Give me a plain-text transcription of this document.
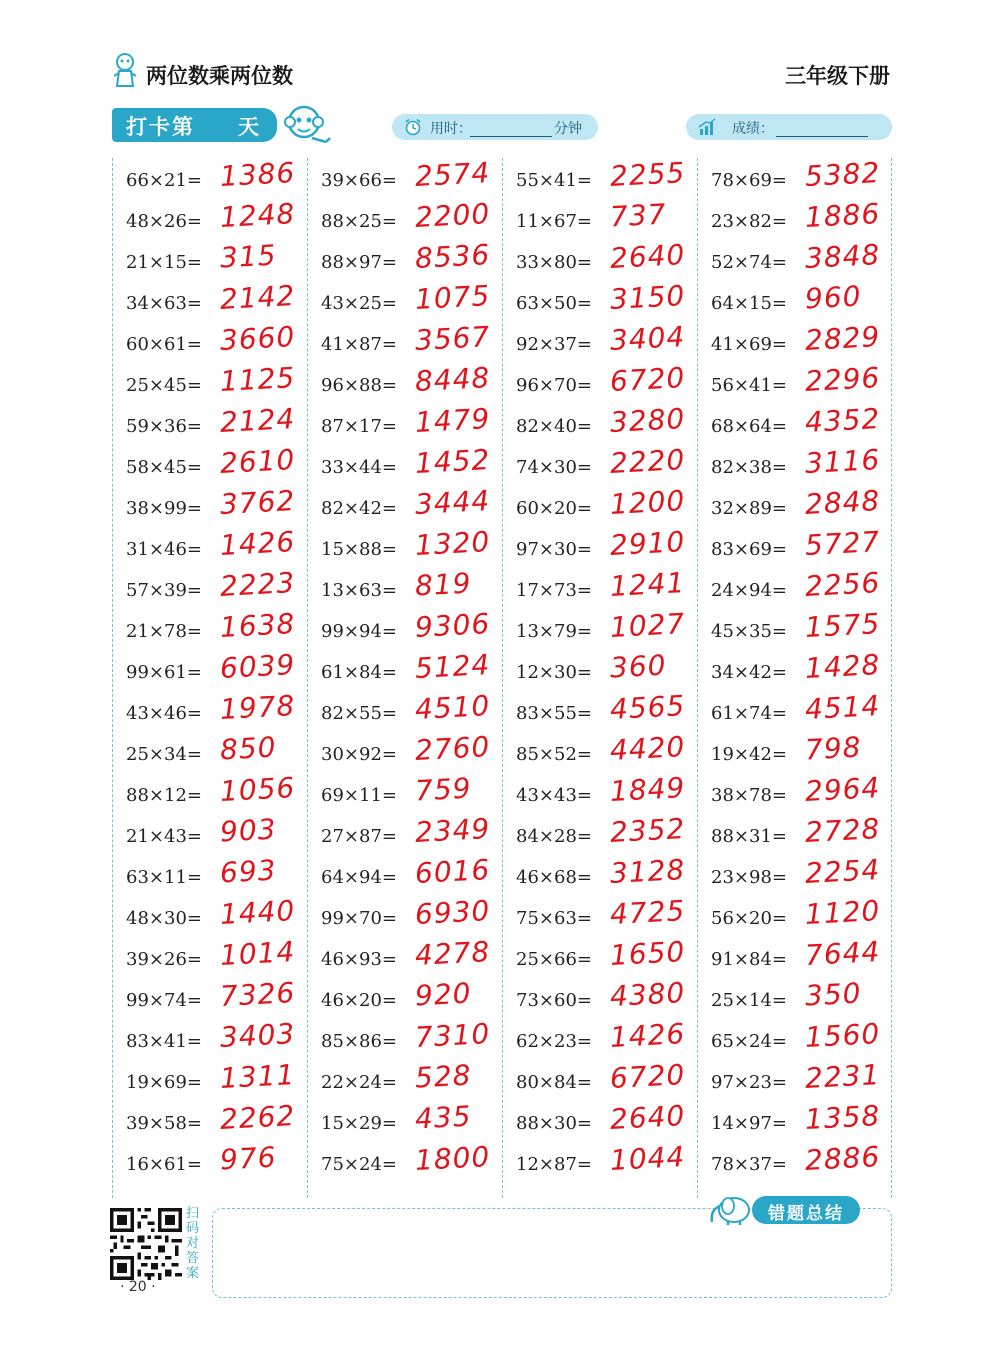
两位数乘两位数	三年级下册
打卡第 天	用时：	分钟	成绩：
66×21= 1386
48×26= 1248
21×15= 315
34×63= 2142
60×61= 3660
25×45= 1125
59×36= 2124
58×45= 2610
38×99= 3762
31×46= 1426
57×39= 2223
21×78= 1638
99×61= 6039
43×46= 1978
25×34= 850
88×12= 1056
21×43= 903
63×11= 693
48×30= 1440
39×26= 1014
99×74= 7326
83×41= 3403
19×69= 1311
39×58= 2262
16×61= 976
39×66= 2574
88×25= 2200
88×97= 8536
43×25= 1075
41×87= 3567
96×88= 8448
87×17= 1479
33×44= 1452
82×42= 3444
15×88= 1320
13×63= 819
99×94= 9306
61×84= 5124
82×55= 4510
30×92= 2760
69×11= 759
27×87= 2349
64×94= 6016
99×70= 6930
46×93= 4278
46×20= 920
85×86= 7310
22×24= 528
15×29= 435
75×24= 1800
55×41= 2255
11×67= 737
33×80= 2640
63×50= 3150
92×37= 3404
96×70= 6720
82×40= 3280
74×30= 2220
60×20= 1200
97×30= 2910
17×73= 1241
13×79= 1027
12×30= 360
83×55= 4565
85×52= 4420
43×43= 1849
84×28= 2352
46×68= 3128
75×63= 4725
25×66= 1650
73×60= 4380
62×23= 1426
80×84= 6720
88×30= 2640
12×87= 1044
78×69= 5382
23×82= 1886
52×74= 3848
64×15= 960
41×69= 2829
56×41= 2296
68×64= 4352
82×38= 3116
32×89= 2848
83×69= 5727
24×94= 2256
45×35= 1575
34×42= 1428
61×74= 4514
19×42= 798
38×78= 2964
88×31= 2728
23×98= 2254
56×20= 1120
91×84= 7644
25×14= 350
65×24= 1560
97×23= 2231
14×97= 1358
78×37= 2886
错题总结
扫码对答案
· 20 ·
